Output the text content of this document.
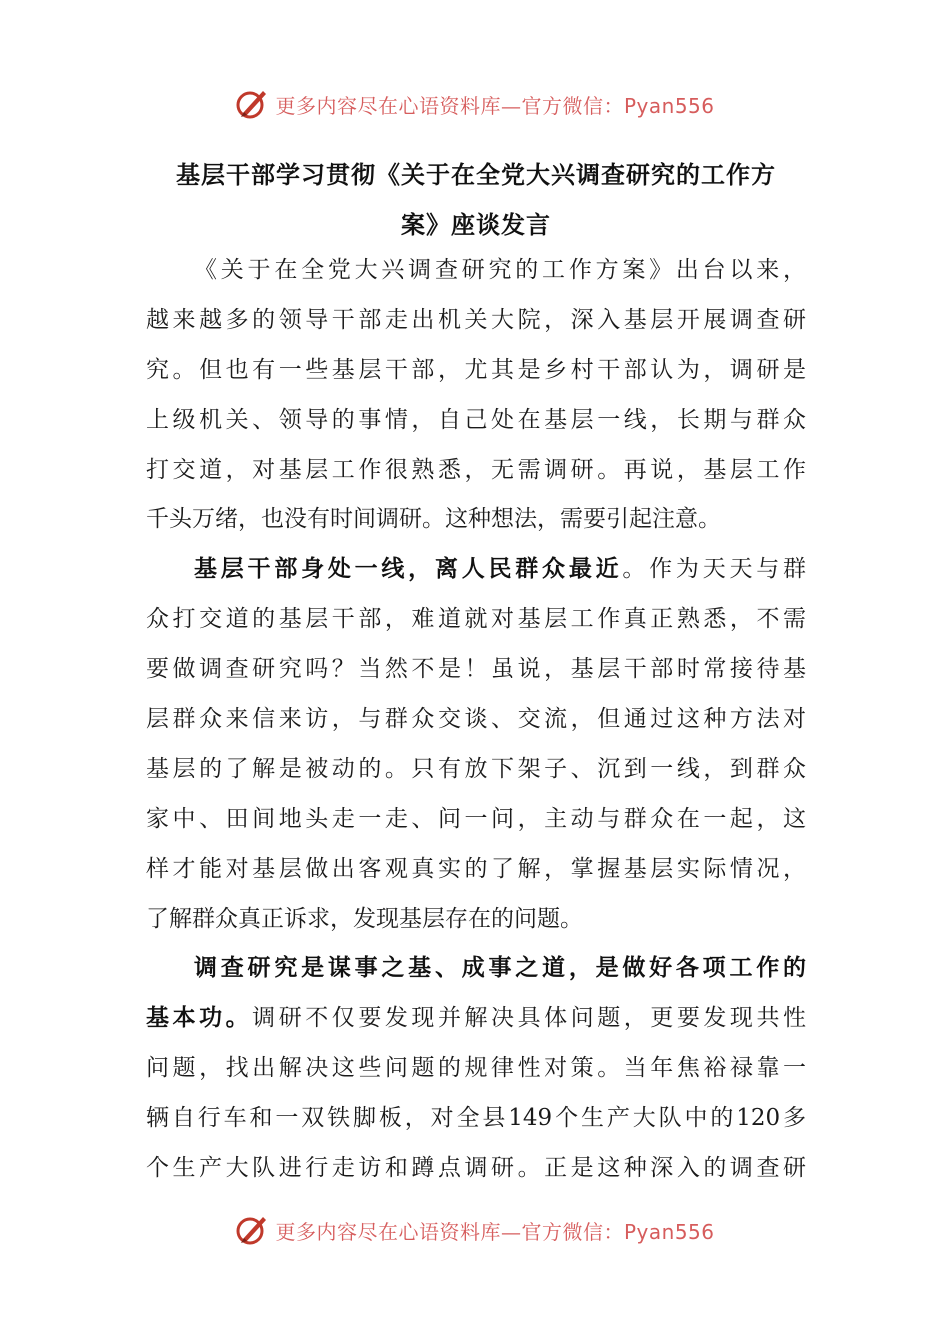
更多内容尽在心语资料库—官方微信：Pyan556
基层干部学习贯彻《关于在全党大兴调查研究的工作方
案》座谈发言
《关于在全党大兴调查研究的工作方案》出台以来，
越来越多的领导干部走出机关大院，深入基层开展调查研
究。但也有一些基层干部，尤其是乡村干部认为，调研是
上级机关、领导的事情，自己处在基层一线，长期与群众
打交道，对基层工作很熟悉，无需调研。再说，基层工作
千头万绪，也没有时间调研。这种想法，需要引起注意。
基层干部身处一线，离人民群众最近。作为天天与群
众打交道的基层干部，难道就对基层工作真正熟悉，不需
要做调查研究吗？当然不是！虽说，基层干部时常接待基
层群众来信来访，与群众交谈、交流，但通过这种方法对
基层的了解是被动的。只有放下架子、沉到一线，到群众
家中、田间地头走一走、问一问，主动与群众在一起，这
样才能对基层做出客观真实的了解，掌握基层实际情况，
了解群众真正诉求，发现基层存在的问题。
调查研究是谋事之基、成事之道，是做好各项工作的
基本功。调研不仅要发现并解决具体问题，更要发现共性
问题，找出解决这些问题的规律性对策。当年焦裕禄靠一
辆自行车和一双铁脚板，对全县149个生产大队中的120多
个生产大队进行走访和蹲点调研。正是这种深入的调查研
更多内容尽在心语资料库—官方微信：Pyan556
